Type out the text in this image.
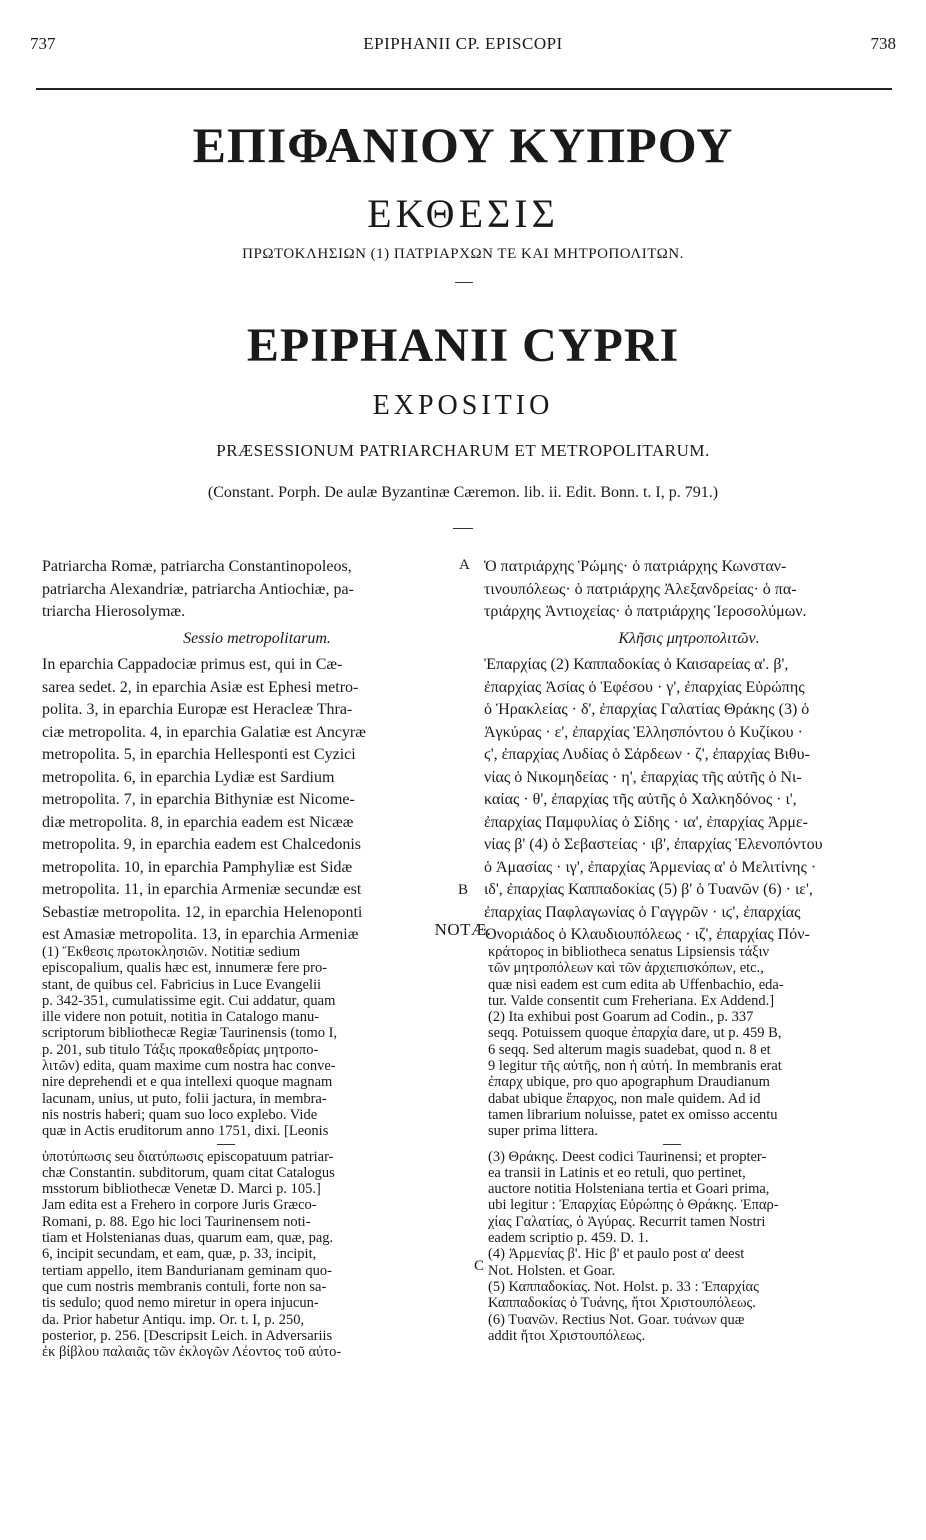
737	EPIPHANII CP. EPISCOPI	738
ΕΠΙΦΑΝΙΟΥ ΚΥΠΡΟΥ
ΕΚΘΕΣΙΣ
ΠΡΩΤΟΚΛΗΣΙΩΝ (1) ΠΑΤΡΙΑΡΧΩΝ ΤΕ ΚΑΙ ΜΗΤΡΟΠΟΛΙΤΩΝ.
EPIPHANII CYPRI
EXPOSITIO
PRÆSESSIONUM PATRIARCHARUM ET METROPOLITARUM.
(Constant. Porph. De aulæ Byzantinæ Cæremon. lib. ii. Edit. Bonn. t. I, p. 791.)
A
B
C
Patriarcha Romæ, patriarcha Constantinopoleos,
patriarcha Alexandriæ, patriarcha Antiochiæ, pa-
triarcha Hierosolymæ.
Sessio metropolitarum.
In eparchia Cappadociæ primus est, qui in Cæ-
sarea sedet. 2, in eparchia Asiæ est Ephesi metro-
polita. 3, in eparchia Europæ est Heracleæ Thra-
ciæ metropolita. 4, in eparchia Galatiæ est Ancyræ
metropolita. 5, in eparchia Hellesponti est Cyzici
metropolita. 6, in eparchia Lydiæ est Sardium
metropolita. 7, in eparchia Bithyniæ est Nicome-
diæ metropolita. 8, in eparchia eadem est Nicææ
metropolita. 9, in eparchia eadem est Chalcedonis
metropolita. 10, in eparchia Pamphyliæ est Sidæ
metropolita. 11, in eparchia Armeniæ secundæ est
Sebastiæ metropolita. 12, in eparchia Helenoponti
est Amasiæ metropolita. 13, in eparchia Armeniæ
Ὁ πατριάρχης Ῥώμης· ὁ πατριάρχης Κωνσταν-
τινουπόλεως· ὁ πατριάρχης Ἀλεξανδρείας· ὁ πα-
τριάρχης Ἀντιοχείας· ὁ πατριάρχης Ἱεροσολύμων.
Κλῆσις μητροπολιτῶν.
Ἐπαρχίας (2) Καππαδοκίας ὁ Καισαρείας α'. β',
ἐπαρχίας Ἀσίας ὁ Ἐφέσου · γ', ἐπαρχίας Εὐρώπης
ὁ Ἡρακλείας · δ', ἐπαρχίας Γαλατίας Θράκης (3) ὁ
Ἀγκύρας · ε', ἐπαρχίας Ἑλλησπόντου ὁ Κυζίκου ·
ϛ', ἐπαρχίας Λυδίας ὁ Σάρδεων · ζ', ἐπαρχίας Βιθυ-
νίας ὁ Νικομηδείας · η', ἐπαρχίας τῆς αὐτῆς ὁ Νι-
καίας · θ', ἐπαρχίας τῆς αὐτῆς ὁ Χαλκηδόνος · ι',
ἐπαρχίας Παμφυλίας ὁ Σίδης · ια', ἐπαρχίας Ἀρμε-
νίας β' (4) ὁ Σεβαστείας · ιβ', ἐπαρχίας Ἑλενοπόντου
ὁ Ἀμασίας · ιγ', ἐπαρχίας Ἀρμενίας α' ὁ Μελιτίνης ·
ιδ', ἐπαρχίας Καππαδοκίας (5) β' ὁ Τυανῶν (6) · ιε',
ἐπαρχίας Παφλαγωνίας ὁ Γαγγρῶν · ιϛ', ἐπαρχίας
Ὁνοριάδος ὁ Κλαυδιουπόλεως · ιζ', ἐπαρχίας Πόν-
NOTÆ.
(1) Ἔκθεσις πρωτοκλησιῶν. Notitiæ sedium
episcopalium, qualis hæc est, innumeræ fere pro-
stant, de quibus cel. Fabricius in Luce Evangelii
p. 342-351, cumulatissime egit. Cui addatur, quam
ille videre non potuit, notitia in Catalogo manu-
scriptorum bibliothecæ Regiæ Taurinensis (tomo I,
p. 201, sub titulo Τάξις προκαθεδρίας μητροπο-
λιτῶν) edita, quam maxime cum nostra hac conve-
nire deprehendi et e qua intellexi quoque magnam
lacunam, unius, ut puto, folii jactura, in membra-
nis nostris haberi; quam suo loco explebo. Vide
quæ in Actis eruditorum anno 1751, dixi. [Leonis
ὑποτύπωσις seu διατύπωσις episcopatuum patriar-
chæ Constantin. subditorum, quam citat Catalogus
msstorum bibliothecæ Venetæ D. Marci p. 105.]
Jam edita est a Frehero in corpore Juris Græco-
Romani, p. 88. Ego hic loci Taurinensem noti-
tiam et Holstenianas duas, quarum eam, quæ, pag.
6, incipit secundam, et eam, quæ, p. 33, incipit,
tertiam appello, item Bandurianam geminam quo-
que cum nostris membranis contuli, forte non sa-
tis sedulo; quod nemo miretur in opera injucun-
da. Prior habetur Antiqu. imp. Or. t. I, p. 250,
posterior, p. 256. [Descripsit Leich. in Adversariis
ἐκ βίβλου παλαιᾶς τῶν ἐκλογῶν Λέοντος τοῦ αὐτο-
κράτορος in bibliotheca senatus Lipsiensis τάξιν
τῶν μητροπόλεων καὶ τῶν ἀρχιεπισκόπων, etc.,
quæ nisi eadem est cum edita ab Uffenbachio, eda-
tur. Valde consentit cum Freheriana. Ex Addend.]
(2) Ita exhibui post Goarum ad Codin., p. 337
seqq. Potuissem quoque ἐπαρχία dare, ut p. 459 B,
6 seqq. Sed alterum magis suadebat, quod n. 8 et
9 legitur τῆς αὐτῆς, non ἡ αὐτή. In membranis erat
ἐπαρχ ubique, pro quo apographum Draudianum
dabat ubique ἔπαρχος, non male quidem. Ad id
tamen librarium noluisse, patet ex omisso accentu
super prima littera.
(3) Θράκης. Deest codici Taurinensi; et propter-
ea transii in Latinis et eo retuli, quo pertinet,
auctore notitia Holsteniana tertia et Goari prima,
ubi legitur : Ἐπαρχίας Εὐρώπης ὁ Θράκης. Ἐπαρ-
χίας Γαλατίας, ὁ Ἀγύρας. Recurrit tamen Nostri
eadem scriptio p. 459. D. 1.
(4) Ἀρμενίας β'. Hic β' et paulo post α' deest
Not. Holsten. et Goar.
(5) Καππαδοκίας. Not. Holst. p. 33 : Ἐπαρχίας
Καππαδοκίας ὁ Τυάνης, ἤτοι Χριστουπόλεως.
(6) Τυανῶν. Rectius Not. Goar. τυάνων quæ
addit ἤτοι Χριστουπόλεως.
